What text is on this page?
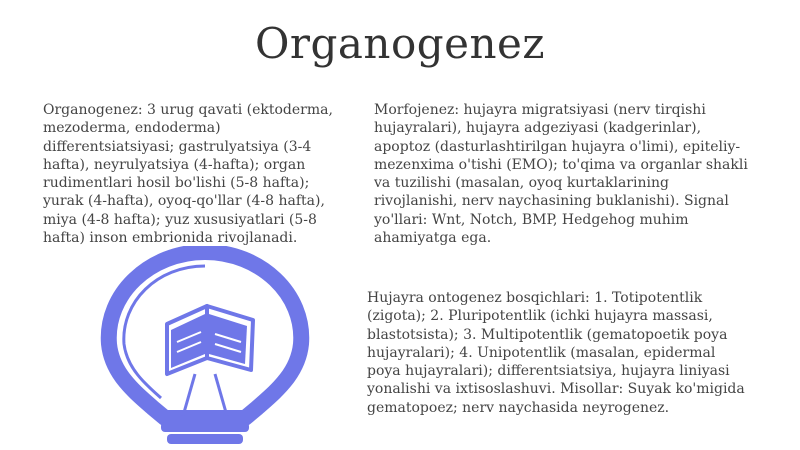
Organogenez

Organogenez: 3 urug qavati (ektoderma, mezoderma, endoderma) differentsiatsiyasi; gastrulyatsiya (3-4 hafta), neyrulyatsiya (4-hafta); organ rudimentlari hosil bo'lishi (5-8 hafta); yurak (4-hafta), oyoq-qo'llar (4-8 hafta), miya (4-8 hafta); yuz xususiyatlari (5-8 hafta) inson embrionida rivojlanadi.

Morfojenez: hujayra migratsiyasi (nerv tirqishi hujayralari), hujayra adgeziyasi (kadgerinlar), apoptoz (dasturlashtirilgan hujayra o'limi), epiteliy-mezenxima o'tishi (EMO); to'qima va organlar shakli va tuzilishi (masalan, oyoq kurtaklarining rivojlanishi, nerv naychasining buklanishi). Signal yo'llari: Wnt, Notch, BMP, Hedgehog muhim ahamiyatga ega.

Hujayra ontogenez bosqichlari: 1. Totipotentlik (zigota); 2. Pluripotentlik (ichki hujayra massasi, blastotsista); 3. Multipotentlik (gematopoetik poya hujayralari); 4. Unipotentlik (masalan, epidermal poya hujayralari); differentsiatsiya, hujayra liniyasi yonalishi va ixtisoslashuvi. Misollar: Suyak ko'migida gematopoez; nerv naychasida neyrogenez.
